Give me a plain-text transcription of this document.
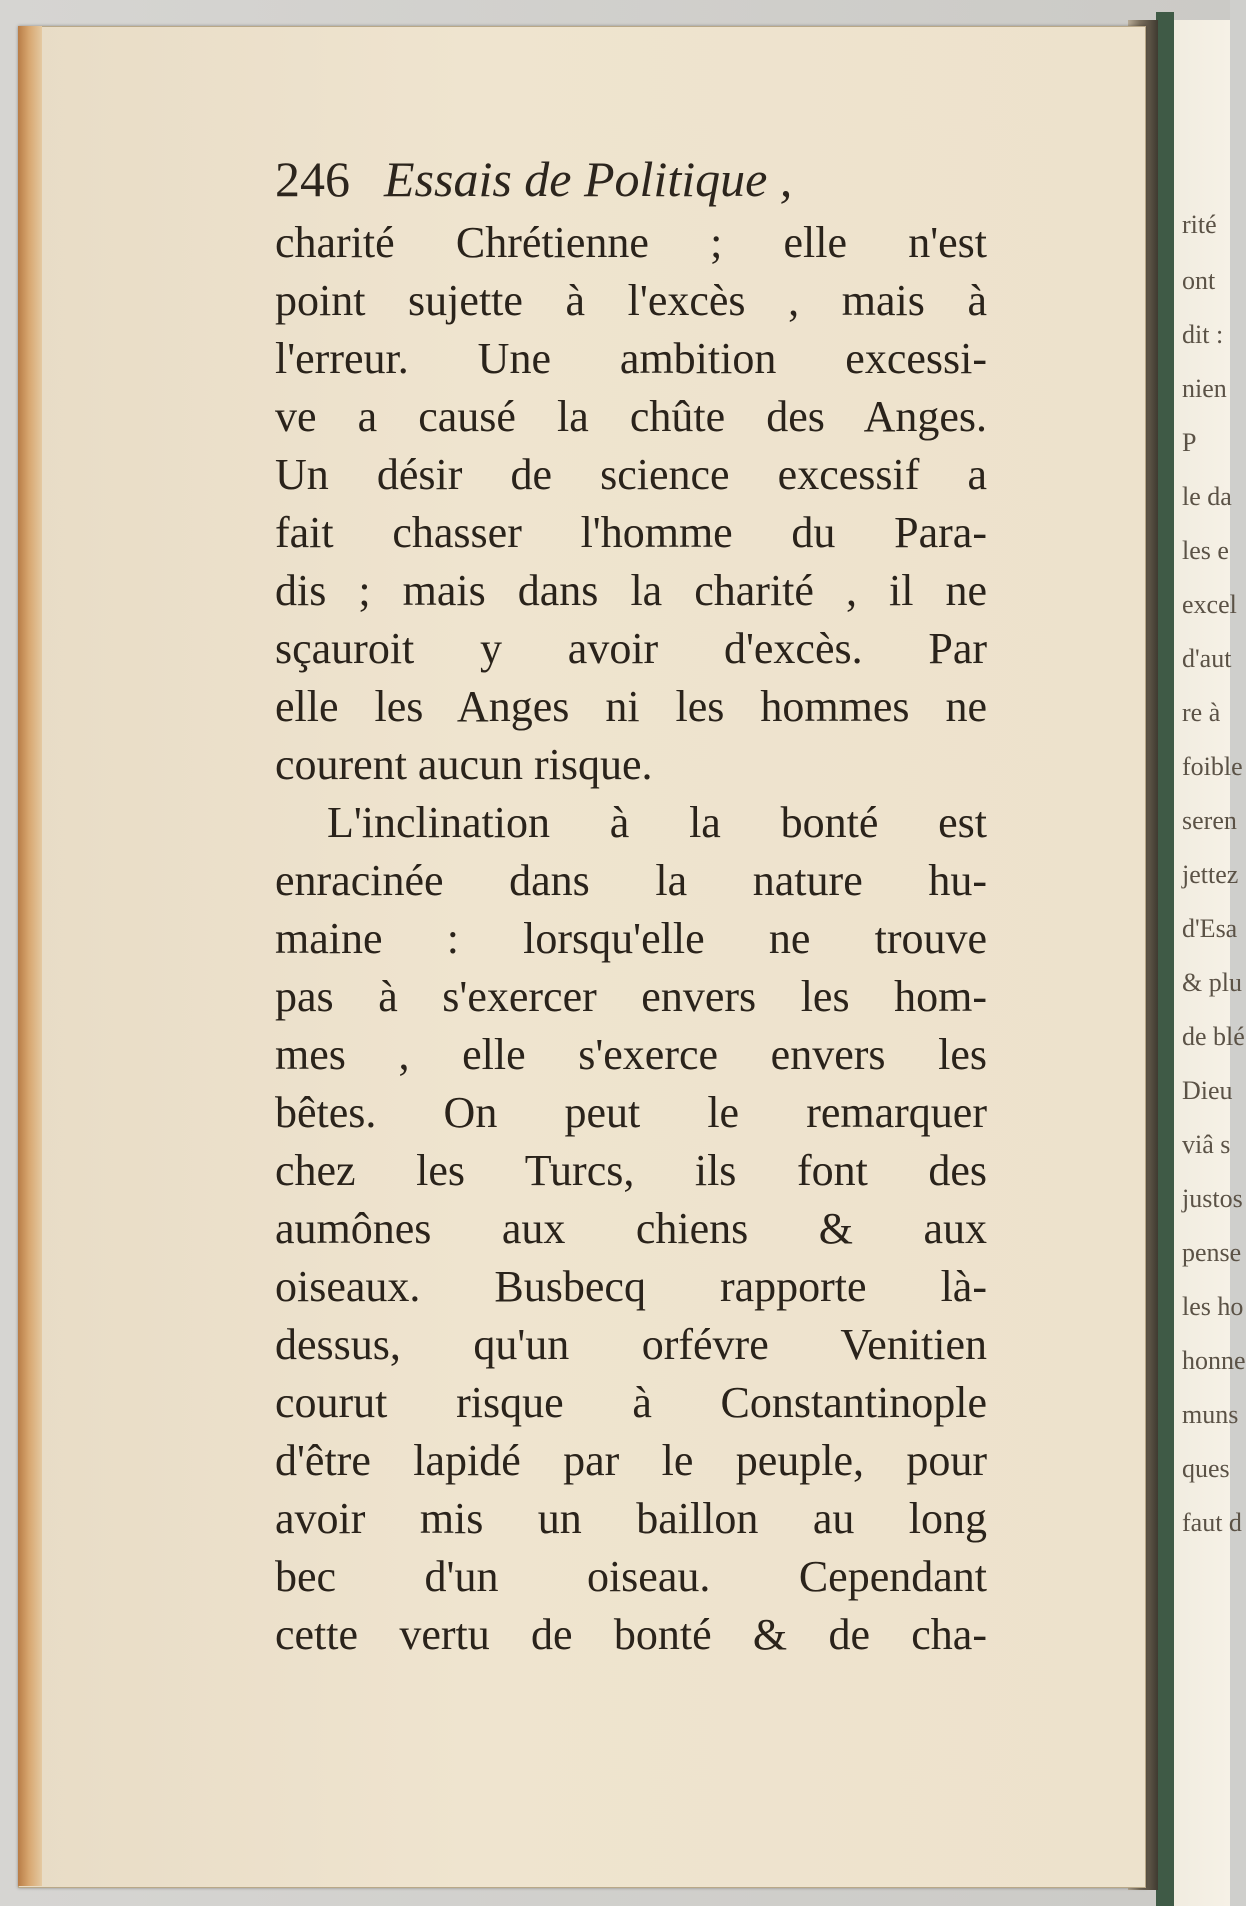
rité

ont

dit :

nien

P

le da

les e

excel

d'aut

re à

foible

seren

jettez

d'Esa

& plu

de blé

Dieu

viâ s

justos

pense

les ho

honne

muns

ques

faut d

246 Essais de Politique ,

charité Chrétienne ; elle n'est

point sujette à l'excès , mais à

l'erreur. Une ambition excessi-

ve a causé la chûte des Anges.

Un désir de science excessif a

fait chasser l'homme du Para-

dis ; mais dans la charité , il ne

sçauroit y avoir d'excès. Par

elle les Anges ni les hommes ne

courent aucun risque.

L'inclination à la bonté est

enracinée dans la nature hu-

maine : lorsqu'elle ne trouve

pas à s'exercer envers les hom-

mes , elle s'exerce envers les

bêtes. On peut le remarquer

chez les Turcs, ils font des

aumônes aux chiens & aux

oiseaux. Busbecq rapporte là-

dessus, qu'un orfévre Venitien

courut risque à Constantinople

d'être lapidé par le peuple, pour

avoir mis un baillon au long

bec d'un oiseau. Cependant

cette vertu de bonté & de cha-
